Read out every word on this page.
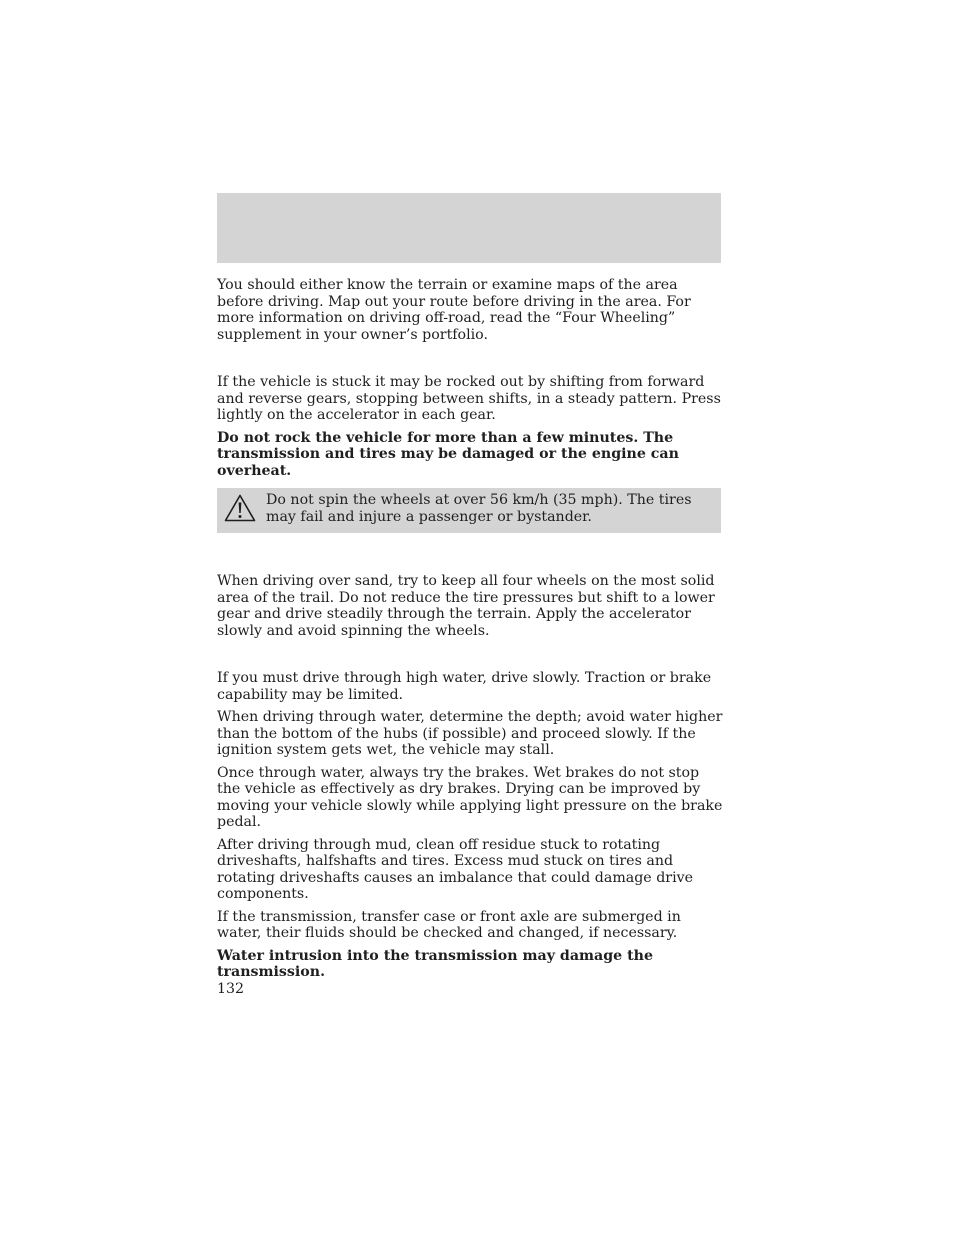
You should either know the terrain or examine maps of the area before driving. Map out your route before driving in the area. For more information on driving off-road, read the “Four Wheeling” supplement in your owner’s portfolio.

If the vehicle is stuck it may be rocked out by shifting from forward and reverse gears, stopping between shifts, in a steady pattern. Press lightly on the accelerator in each gear.

Do not rock the vehicle for more than a few minutes. The transmission and tires may be damaged or the engine can overheat.

Do not spin the wheels at over 56 km/h (35 mph). The tires may fail and injure a passenger or bystander.

When driving over sand, try to keep all four wheels on the most solid area of the trail. Do not reduce the tire pressures but shift to a lower gear and drive steadily through the terrain. Apply the accelerator slowly and avoid spinning the wheels.

If you must drive through high water, drive slowly. Traction or brake capability may be limited.

When driving through water, determine the depth; avoid water higher than the bottom of the hubs (if possible) and proceed slowly. If the ignition system gets wet, the vehicle may stall.

Once through water, always try the brakes. Wet brakes do not stop the vehicle as effectively as dry brakes. Drying can be improved by moving your vehicle slowly while applying light pressure on the brake pedal.

After driving through mud, clean off residue stuck to rotating driveshafts, halfshafts and tires. Excess mud stuck on tires and rotating driveshafts causes an imbalance that could damage drive components.

If the transmission, transfer case or front axle are submerged in water, their fluids should be checked and changed, if necessary.

Water intrusion into the transmission may damage the transmission.

132
